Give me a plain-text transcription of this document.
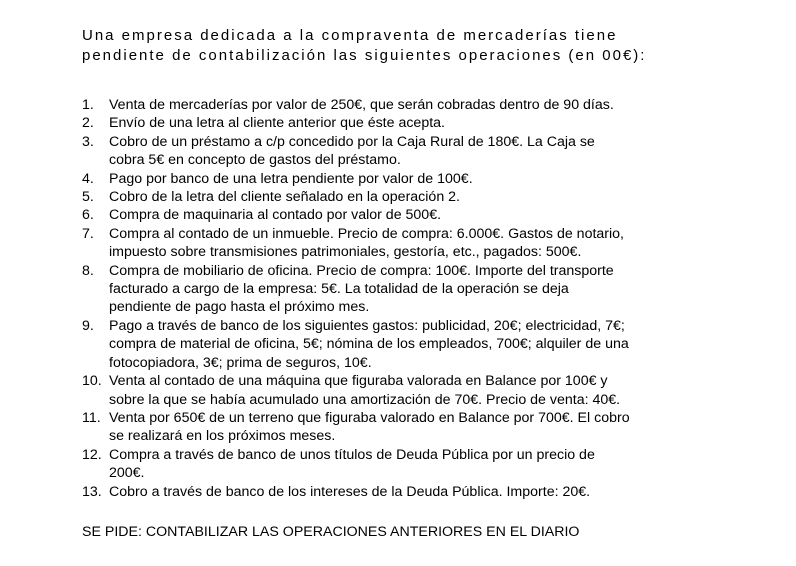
Una empresa dedicada a la compraventa de mercaderías tiene
pendiente de contabilización las siguientes operaciones (en 00€):

1. Venta de mercaderías por valor de 250€, que serán cobradas dentro de 90 días.
2. Envío de una letra al cliente anterior que éste acepta.
3. Cobro de un préstamo a c/p concedido por la Caja Rural de 180€. La Caja se
cobra 5€ en concepto de gastos del préstamo.
4. Pago por banco de una letra pendiente por valor de 100€.
5. Cobro de la letra del cliente señalado en la operación 2.
6. Compra de maquinaria al contado por valor de 500€.
7. Compra al contado de un inmueble. Precio de compra: 6.000€. Gastos de notario,
impuesto sobre transmisiones patrimoniales, gestoría, etc., pagados: 500€.
8. Compra de mobiliario de oficina. Precio de compra: 100€. Importe del transporte
facturado a cargo de la empresa: 5€. La totalidad de la operación se deja
pendiente de pago hasta el próximo mes.
9. Pago a través de banco de los siguientes gastos: publicidad, 20€; electricidad, 7€;
compra de material de oficina, 5€; nómina de los empleados, 700€; alquiler de una
fotocopiadora, 3€; prima de seguros, 10€.
10. Venta al contado de una máquina que figuraba valorada en Balance por 100€ y
sobre la que se había acumulado una amortización de 70€. Precio de venta: 40€.
11. Venta por 650€ de un terreno que figuraba valorado en Balance por 700€. El cobro
se realizará en los próximos meses.
12. Compra a través de banco de unos títulos de Deuda Pública por un precio de
200€.
13. Cobro a través de banco de los intereses de la Deuda Pública. Importe: 20€.
SE PIDE: CONTABILIZAR LAS OPERACIONES ANTERIORES EN EL DIARIO
